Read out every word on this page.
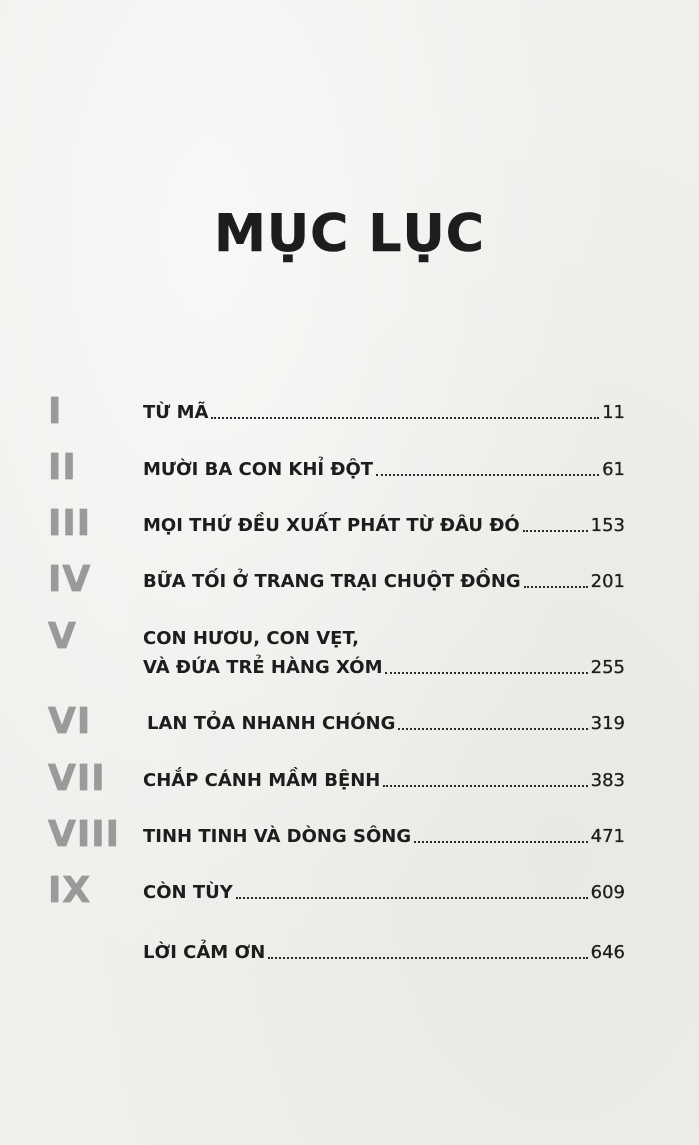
MỤC LỤC
I	TỪ MÃ	11
II	MƯỜI BA CON KHỈ ĐỘT	61
III	MỌI THỨ ĐỀU XUẤT PHÁT TỪ ĐÂU ĐÓ	153
IV	BỮA TỐI Ở TRANG TRẠI CHUỘT ĐỒNG	201
V	CON HƯƠU, CON VẸT,
VÀ ĐỨA TRẺ HÀNG XÓM	255
VI	LAN TỎA NHANH CHÓNG	319
VII CHẮP CÁNH MẦM BỆNH	383
VIII TINH TINH VÀ DÒNG SÔNG	471
IX	CÒN TÙY	609
LỜI CẢM ƠN	646
